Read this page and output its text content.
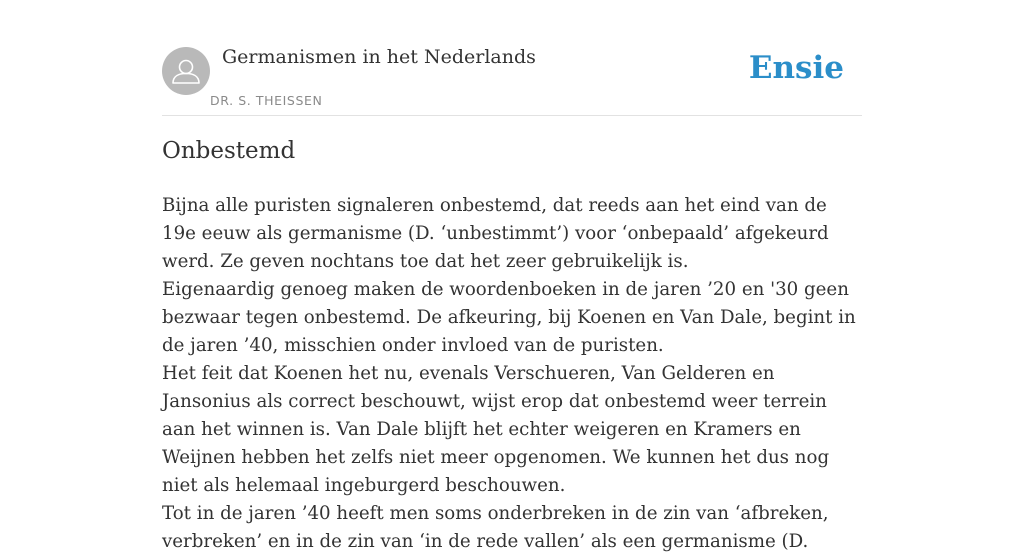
Germanismen in het Nederlands
DR. S. THEISSEN
Ensie
Onbestemd

Bijna alle puristen signaleren onbestemd, dat reeds aan het eind van de 19e eeuw als germanisme (D. ‘unbestimmt’) voor ‘onbepaald’ afgekeurd werd. Ze geven nochtans toe dat het zeer gebruikelijk is.

Eigenaardig genoeg maken de woordenboeken in de jaren ’20 en '30 geen bezwaar tegen onbestemd. De afkeuring, bij Koenen en Van Dale, begint in de jaren ’40, misschien onder invloed van de puristen.

Het feit dat Koenen het nu, evenals Verschueren, Van Gelderen en Jansonius als correct beschouwt, wijst erop dat onbestemd weer terrein aan het winnen is. Van Dale blijft het echter weigeren en Kramers en Weijnen hebben het zelfs niet meer opgenomen. We kunnen het dus nog niet als helemaal ingeburgerd beschouwen.

Tot in de jaren ’40 heeft men soms onderbreken in de zin van ‘afbreken, verbreken’ en in de zin van ‘in de rede vallen’ als een germanisme (D.
